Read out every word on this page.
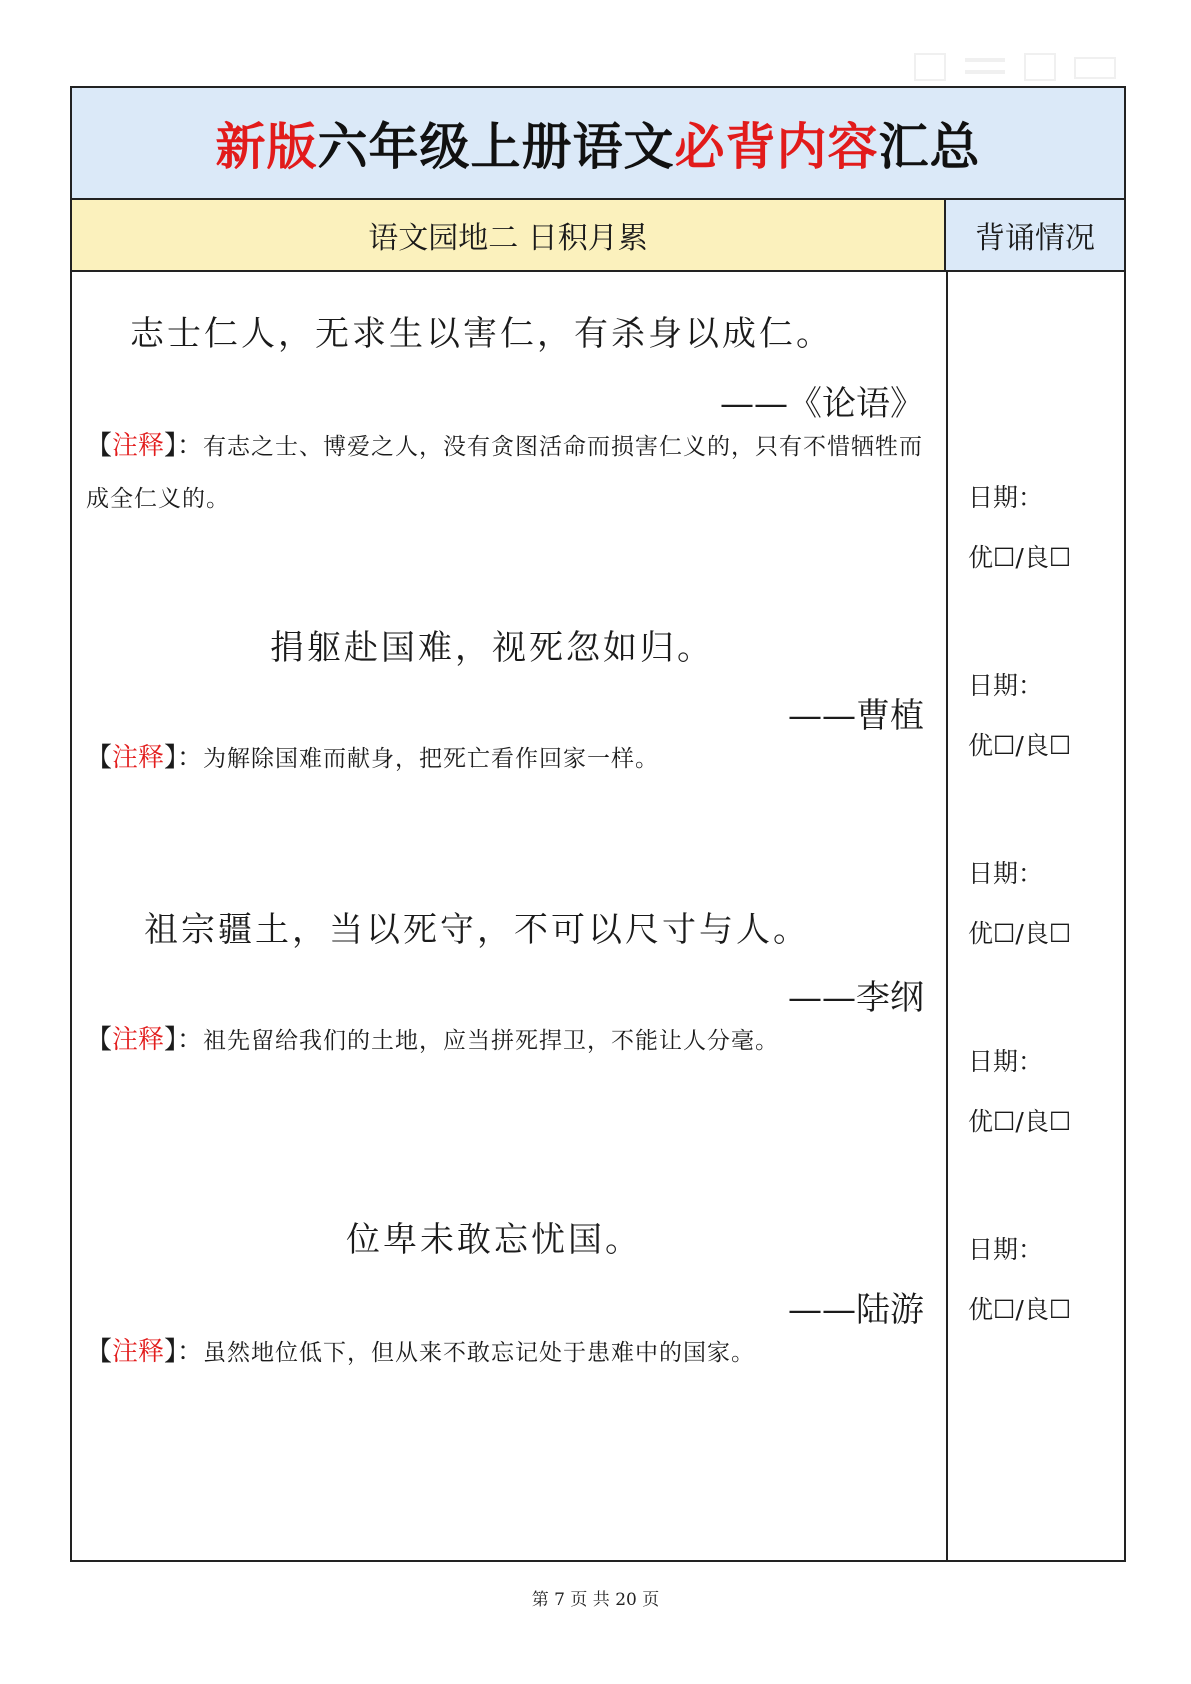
新版六年级上册语文必背内容汇总
语文园地二 日积月累	背诵情况
志士仁人，无求生以害仁，有杀身以成仁。
——《论语》
【注释】：有志之士、博爱之人，没有贪图活命而损害仁义的，只有不惜牺牲而成全仁义的。
捐躯赴国难，视死忽如归。
——曹植
【注释】：为解除国难而献身，把死亡看作回家一样。
祖宗疆土，当以死守，不可以尺寸与人。
——李纲
【注释】：祖先留给我们的土地，应当拼死捍卫，不能让人分毫。
位卑未敢忘忧国。
——陆游
【注释】：虽然地位低下，但从来不敢忘记处于患难中的国家。
日期：
优☐/良☐
日期：
优☐/良☐
日期：
优☐/良☐
日期：
优☐/良☐
日期：
优☐/良☐
第 7 页 共 20 页
